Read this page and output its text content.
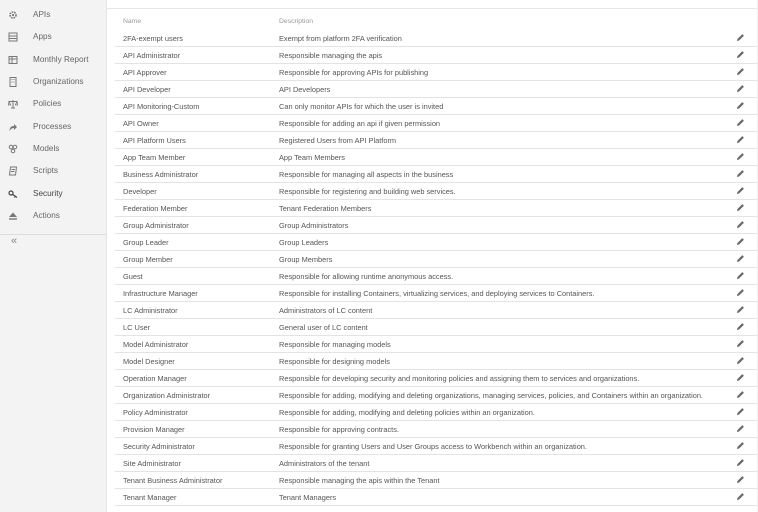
APIs
Apps
Monthly Report
Organizations
Policies
Processes
Models
Scripts
Security
Actions
«
Name	Description
2FA-exempt users	Exempt from platform 2FA verification
API Administrator	Responsible managing the apis
API Approver	Responsible for approving APIs for publishing
API Developer	API Developers
API Monitoring-Custom	Can only monitor APIs for which the user is invited
API Owner	Responsible for adding an api if given permission
API Platform Users	Registered Users from API Platform
App Team Member	App Team Members
Business Administrator	Responsible for managing all aspects in the business
Developer	Responsible for registering and building web services.
Federation Member	Tenant Federation Members
Group Administrator	Group Administrators
Group Leader	Group Leaders
Group Member	Group Members
Guest	Responsible for allowing runtime anonymous access.
Infrastructure Manager	Responsible for installing Containers, virtualizing services, and deploying services to Containers.
LC Administrator	Administrators of LC content
LC User	General user of LC content
Model Administrator	Responsible for managing models
Model Designer	Responsible for designing models
Operation Manager	Responsible for developing security and monitoring policies and assigning them to services and organizations.
Organization Administrator	Responsible for adding, modifying and deleting organizations, managing services, policies, and Containers within an organization.
Policy Administrator	Responsible for adding, modifying and deleting policies within an organization.
Provision Manager	Responsible for approving contracts.
Security Administrator	Responsible for granting Users and User Groups access to Workbench within an organization.
Site Administrator	Administrators of the tenant
Tenant Business Administrator	Responsible managing the apis within the Tenant
Tenant Manager	Tenant Managers
